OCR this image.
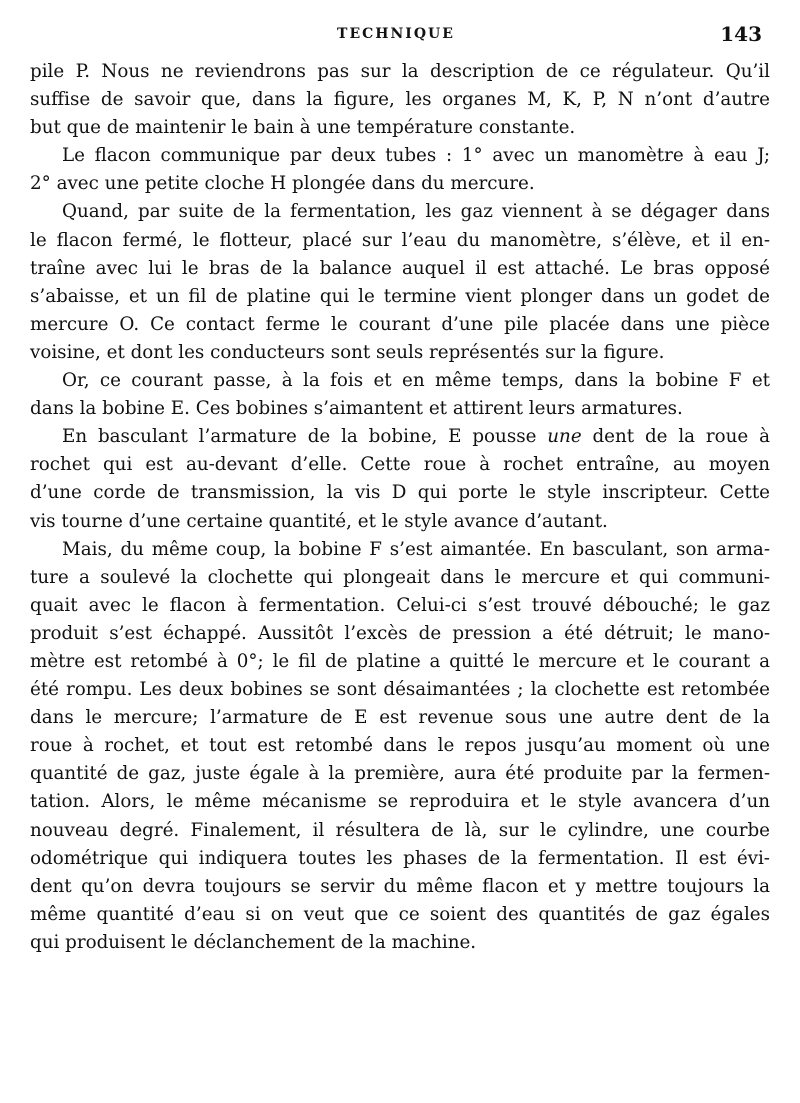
TECHNIQUE	143

pile P. Nous ne reviendrons pas sur la description de ce régulateur. Qu’il
suffise de savoir que, dans la figure, les organes M, K, P, N n’ont d’autre
but que de maintenir le bain à une température constante.

Le flacon communique par deux tubes : 1° avec un manomètre à eau J;
2° avec une petite cloche H plongée dans du mercure.

Quand, par suite de la fermentation, les gaz viennent à se dégager dans
le flacon fermé, le flotteur, placé sur l’eau du manomètre, s’élève, et il en-
traîne avec lui le bras de la balance auquel il est attaché. Le bras opposé
s’abaisse, et un fil de platine qui le termine vient plonger dans un godet de
mercure O. Ce contact ferme le courant d’une pile placée dans une pièce
voisine, et dont les conducteurs sont seuls représentés sur la figure.

Or, ce courant passe, à la fois et en même temps, dans la bobine F et
dans la bobine E. Ces bobines s’aimantent et attirent leurs armatures.

En basculant l’armature de la bobine, E pousse une dent de la roue à
rochet qui est au-devant d’elle. Cette roue à rochet entraîne, au moyen
d’une corde de transmission, la vis D qui porte le style inscripteur. Cette
vis tourne d’une certaine quantité, et le style avance d’autant.

Mais, du même coup, la bobine F s’est aimantée. En basculant, son arma-
ture a soulevé la clochette qui plongeait dans le mercure et qui communi-
quait avec le flacon à fermentation. Celui-ci s’est trouvé débouché; le gaz
produit s’est échappé. Aussitôt l’excès de pression a été détruit; le mano-
mètre est retombé à 0°; le fil de platine a quitté le mercure et le courant a
été rompu. Les deux bobines se sont désaimantées ; la clochette est retombée
dans le mercure; l’armature de E est revenue sous une autre dent de la
roue à rochet, et tout est retombé dans le repos jusqu’au moment où une
quantité de gaz, juste égale à la première, aura été produite par la fermen-
tation. Alors, le même mécanisme se reproduira et le style avancera d’un
nouveau degré. Finalement, il résultera de là, sur le cylindre, une courbe
odométrique qui indiquera toutes les phases de la fermentation. Il est évi-
dent qu’on devra toujours se servir du même flacon et y mettre toujours la
même quantité d’eau si on veut que ce soient des quantités de gaz égales
qui produisent le déclanchement de la machine.
